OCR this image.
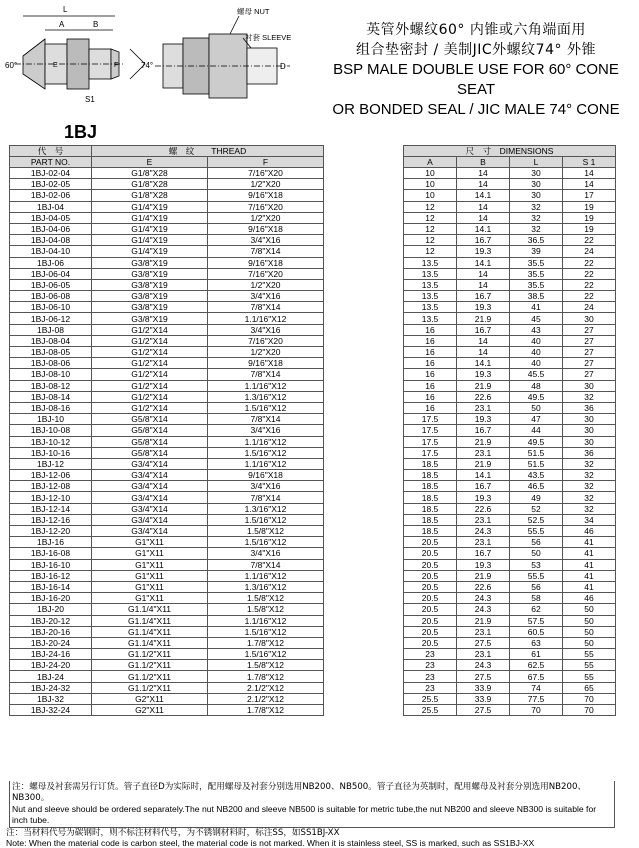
L
A	B
E	F
S1
60°	74°
螺母 NUT
衬套 SLEEVE
D
英管外螺纹60° 内锥或六角端面用
组合垫密封 / 美制JIC外螺纹74° 外锥
BSP MALE DOUBLE USE FOR 60° CONE SEAT
OR BONDED SEAL / JIC MALE 74° CONE
1BJ
代　号	螺　纹　　 THREAD			尺　寸　 DIMENSIONS			
PART NO.	E	F		A	B	L	S 1
1BJ-02-04	G1/8"X28	7/16"X20		10	14	30	14
1BJ-02-05	G1/8"X28	1/2"X20		10	14	30	14
1BJ-02-06	G1/8"X28	9/16"X18		10	14.1	30	17
1BJ-04	G1/4"X19	7/16"X20		12	14	32	19
1BJ-04-05	G1/4"X19	1/2"X20		12	14	32	19
1BJ-04-06	G1/4"X19	9/16"X18		12	14.1	32	19
1BJ-04-08	G1/4"X19	3/4"X16		12	16.7	36.5	22
1BJ-04-10	G1/4"X19	7/8"X14		12	19.3	39	24
1BJ-06	G3/8"X19	9/16"X18		13.5	14.1	35.5	22
1BJ-06-04	G3/8"X19	7/16"X20		13.5	14	35.5	22
1BJ-06-05	G3/8"X19	1/2"X20		13.5	14	35.5	22
1BJ-06-08	G3/8"X19	3/4"X16		13.5	16.7	38.5	22
1BJ-06-10	G3/8"X19	7/8"X14		13.5	19.3	41	24
1BJ-06-12	G3/8"X19	1.1/16"X12		13.5	21.9	45	30
1BJ-08	G1/2"X14	3/4"X16		16	16.7	43	27
1BJ-08-04	G1/2"X14	7/16"X20		16	14	40	27
1BJ-08-05	G1/2"X14	1/2"X20		16	14	40	27
1BJ-08-06	G1/2"X14	9/16"X18		16	14.1	40	27
1BJ-08-10	G1/2"X14	7/8"X14		16	19.3	45.5	27
1BJ-08-12	G1/2"X14	1.1/16"X12		16	21.9	48	30
1BJ-08-14	G1/2"X14	1.3/16"X12		16	22.6	49.5	32
1BJ-08-16	G1/2"X14	1.5/16"X12		16	23.1	50	36
1BJ-10	G5/8"X14	7/8"X14		17.5	19.3	47	30
1BJ-10-08	G5/8"X14	3/4"X16		17.5	16.7	44	30
1BJ-10-12	G5/8"X14	1.1/16"X12		17.5	21.9	49.5	30
1BJ-10-16	G5/8"X14	1.5/16"X12		17.5	23.1	51.5	36
1BJ-12	G3/4"X14	1.1/16"X12		18.5	21.9	51.5	32
1BJ-12-06	G3/4"X14	9/16"X18		18.5	14.1	43.5	32
1BJ-12-08	G3/4"X14	3/4"X16		18.5	16.7	46.5	32
1BJ-12-10	G3/4"X14	7/8"X14		18.5	19.3	49	32
1BJ-12-14	G3/4"X14	1.3/16"X12		18.5	22.6	52	32
1BJ-12-16	G3/4"X14	1.5/16"X12		18.5	23.1	52.5	34
1BJ-12-20	G3/4"X14	1.5/8"X12		18.5	24.3	55.5	46
1BJ-16	G1"X11	1.5/16"X12		20.5	23.1	56	41
1BJ-16-08	G1"X11	3/4"X16		20.5	16.7	50	41
1BJ-16-10	G1"X11	7/8"X14		20.5	19.3	53	41
1BJ-16-12	G1"X11	1.1/16"X12		20.5	21.9	55.5	41
1BJ-16-14	G1"X11	1.3/16"X12		20.5	22.6	56	41
1BJ-16-20	G1"X11	1.5/8"X12		20.5	24.3	58	46
1BJ-20	G1.1/4"X11	1.5/8"X12		20.5	24.3	62	50
1BJ-20-12	G1.1/4"X11	1.1/16"X12		20.5	21.9	57.5	50
1BJ-20-16	G1.1/4"X11	1.5/16"X12		20.5	23.1	60.5	50
1BJ-20-24	G1.1/4"X11	1.7/8"X12		20.5	27.5	63	50
1BJ-24-16	G1.1/2"X11	1.5/16"X12		23	23.1	61	55
1BJ-24-20	G1.1/2"X11	1.5/8"X12		23	24.3	62.5	55
1BJ-24	G1.1/2"X11	1.7/8"X12		23	27.5	67.5	55
1BJ-24-32	G1.1/2"X11	2.1/2"X12		23	33.9	74	65
1BJ-32	G2"X11	2.1/2"X12		25.5	33.9	77.5	70
1BJ-32-24	G2"X11	1.7/8"X12		25.5	27.5	70	70
注：螺母及衬套需另行订货。管子直径D为实际时，配用螺母及衬套分别选用NB200、NB500。管子直径为英制时，配用螺母及衬套分别选用NB200、NB300。
Nut and sleeve should be ordered separately.The nut NB200 and sleeve NB500 is suitable for metric tube,the nut NB200 and sleeve NB300 is suitable for inch tube.
注：当材料代号为碳钢时，则不标注材料代号，为不锈钢材料时，标注SS，如SS1BJ-XX
Note: When the material code is carbon steel, the material code is not marked. When it is stainless steel, SS is marked, such as SS1BJ-XX
